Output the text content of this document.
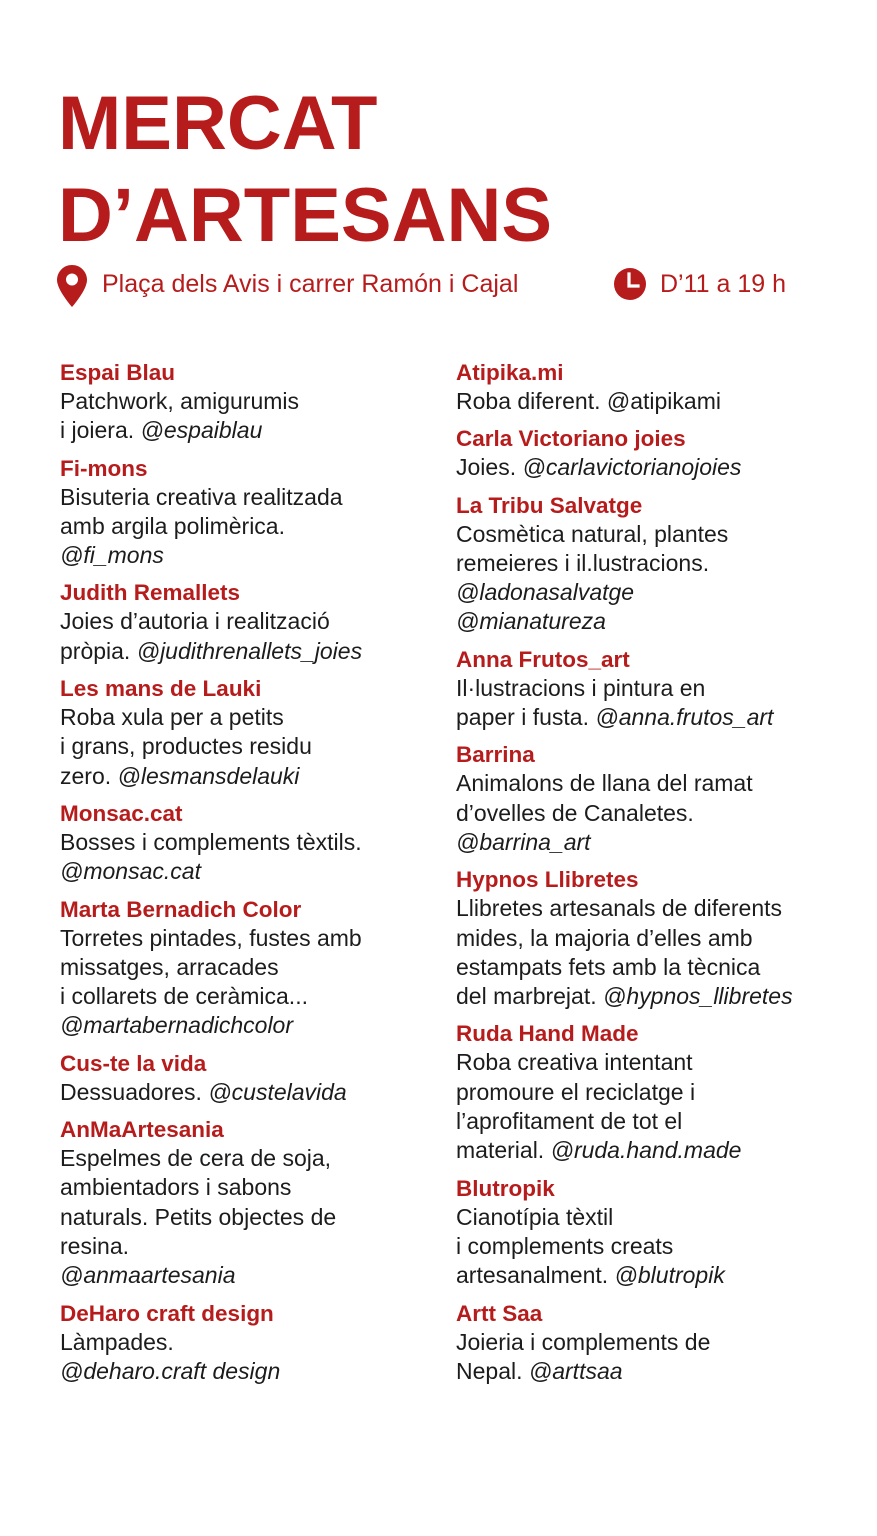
MERCAT
D’ARTESANS
Plaça dels Avis i carrer Ramón i Cajal	D’11 a 19 h
Espai Blau
Patchwork, amigurumis
i joiera. @espaiblau
Fi-mons
Bisuteria creativa realitzada
amb argila polimèrica.
@fi_mons
Judith Remallets
Joies d’autoria i realització
pròpia. @judithrenallets_joies
Les mans de Lauki
Roba xula per a petits
i grans, productes residu
zero. @lesmansdelauki
Monsac.cat
Bosses i complements tèxtils.
@monsac.cat
Marta Bernadich Color
Torretes pintades, fustes amb
missatges, arracades
i collarets de ceràmica...
@martabernadichcolor
Cus-te la vida
Dessuadores. @custelavida
AnMaArtesania
Espelmes de cera de soja,
ambientadors i sabons
naturals. Petits objectes de
resina.
@anmaartesania
DeHaro craft design
Làmpades.
@deharo.craft design
Atipika.mi
Roba diferent. @atipikami
Carla Victoriano joies
Joies. @carlavictorianojoies
La Tribu Salvatge
Cosmètica natural, plantes
remeieres i il.lustracions.
@ladonasalvatge
@mianatureza
Anna Frutos_art
Il·lustracions i pintura en
paper i fusta. @anna.frutos_art
Barrina
Animalons de llana del ramat
d’ovelles de Canaletes.
@barrina_art
Hypnos Llibretes
Llibretes artesanals de diferents
mides, la majoria d’elles amb
estampats fets amb la tècnica
del marbrejat. @hypnos_llibretes
Ruda Hand Made
Roba creativa intentant
promoure el reciclatge i
l’aprofitament de tot el
material. @ruda.hand.made
Blutropik
Cianotípia tèxtil
i complements creats
artesanalment. @blutropik
Artt Saa
Joieria i complements de
Nepal. @arttsaa
